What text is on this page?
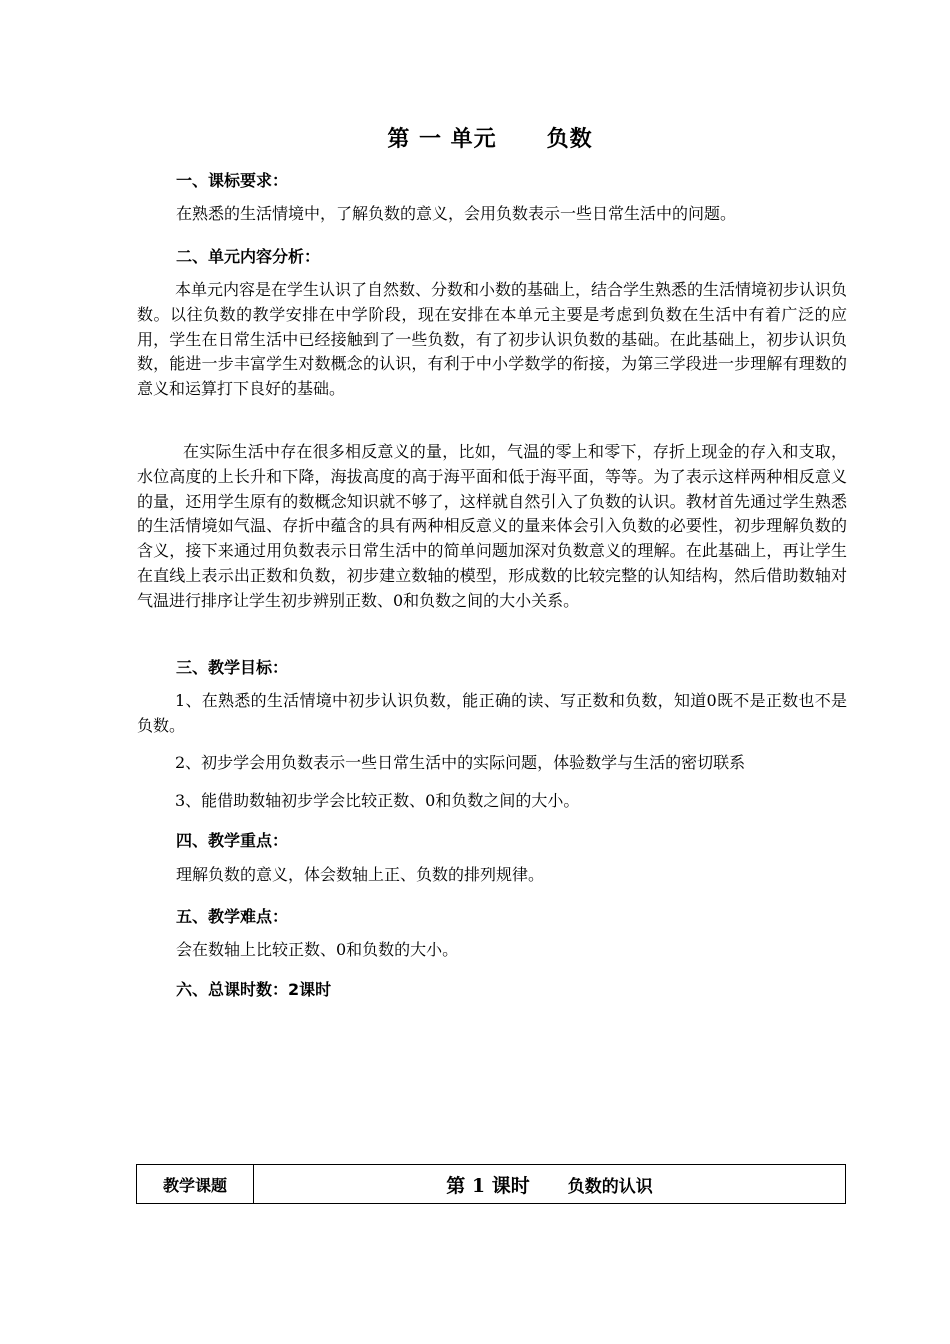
第 一 单元 负数
一、课标要求：
在熟悉的生活情境中，了解负数的意义，会用负数表示一些日常生活中的问题。
二、单元内容分析：
本单元内容是在学生认识了自然数、分数和小数的基础上，结合学生熟悉的生活情境初步认识负数。以往负数的教学安排在中学阶段，现在安排在本单元主要是考虑到负数在生活中有着广泛的应用，学生在日常生活中已经接触到了一些负数，有了初步认识负数的基础。在此基础上，初步认识负数，能进一步丰富学生对数概念的认识，有利于中小学数学的衔接，为第三学段进一步理解有理数的意义和运算打下良好的基础。
在实际生活中存在很多相反意义的量，比如，气温的零上和零下，存折上现金的存入和支取，水位高度的上长升和下降，海拔高度的高于海平面和低于海平面，等等。为了表示这样两种相反意义的量，还用学生原有的数概念知识就不够了，这样就自然引入了负数的认识。教材首先通过学生熟悉的生活情境如气温、存折中蕴含的具有两种相反意义的量来体会引入负数的必要性，初步理解负数的含义，接下来通过用负数表示日常生活中的简单问题加深对负数意义的理解。在此基础上，再让学生在直线上表示出正数和负数，初步建立数轴的模型，形成数的比较完整的认知结构，然后借助数轴对气温进行排序让学生初步辨别正数、0和负数之间的大小关系。
三、教学目标：
1、在熟悉的生活情境中初步认识负数，能正确的读、写正数和负数，知道0既不是正数也不是负数。
2、初步学会用负数表示一些日常生活中的实际问题，体验数学与生活的密切联系
3、能借助数轴初步学会比较正数、0和负数之间的大小。
四、教学重点：
理解负数的意义，体会数轴上正、负数的排列规律。
五、教学难点：
会在数轴上比较正数、0和负数的大小。
六、总课时数：2课时
教学课题	第 1 课时 负数的认识
